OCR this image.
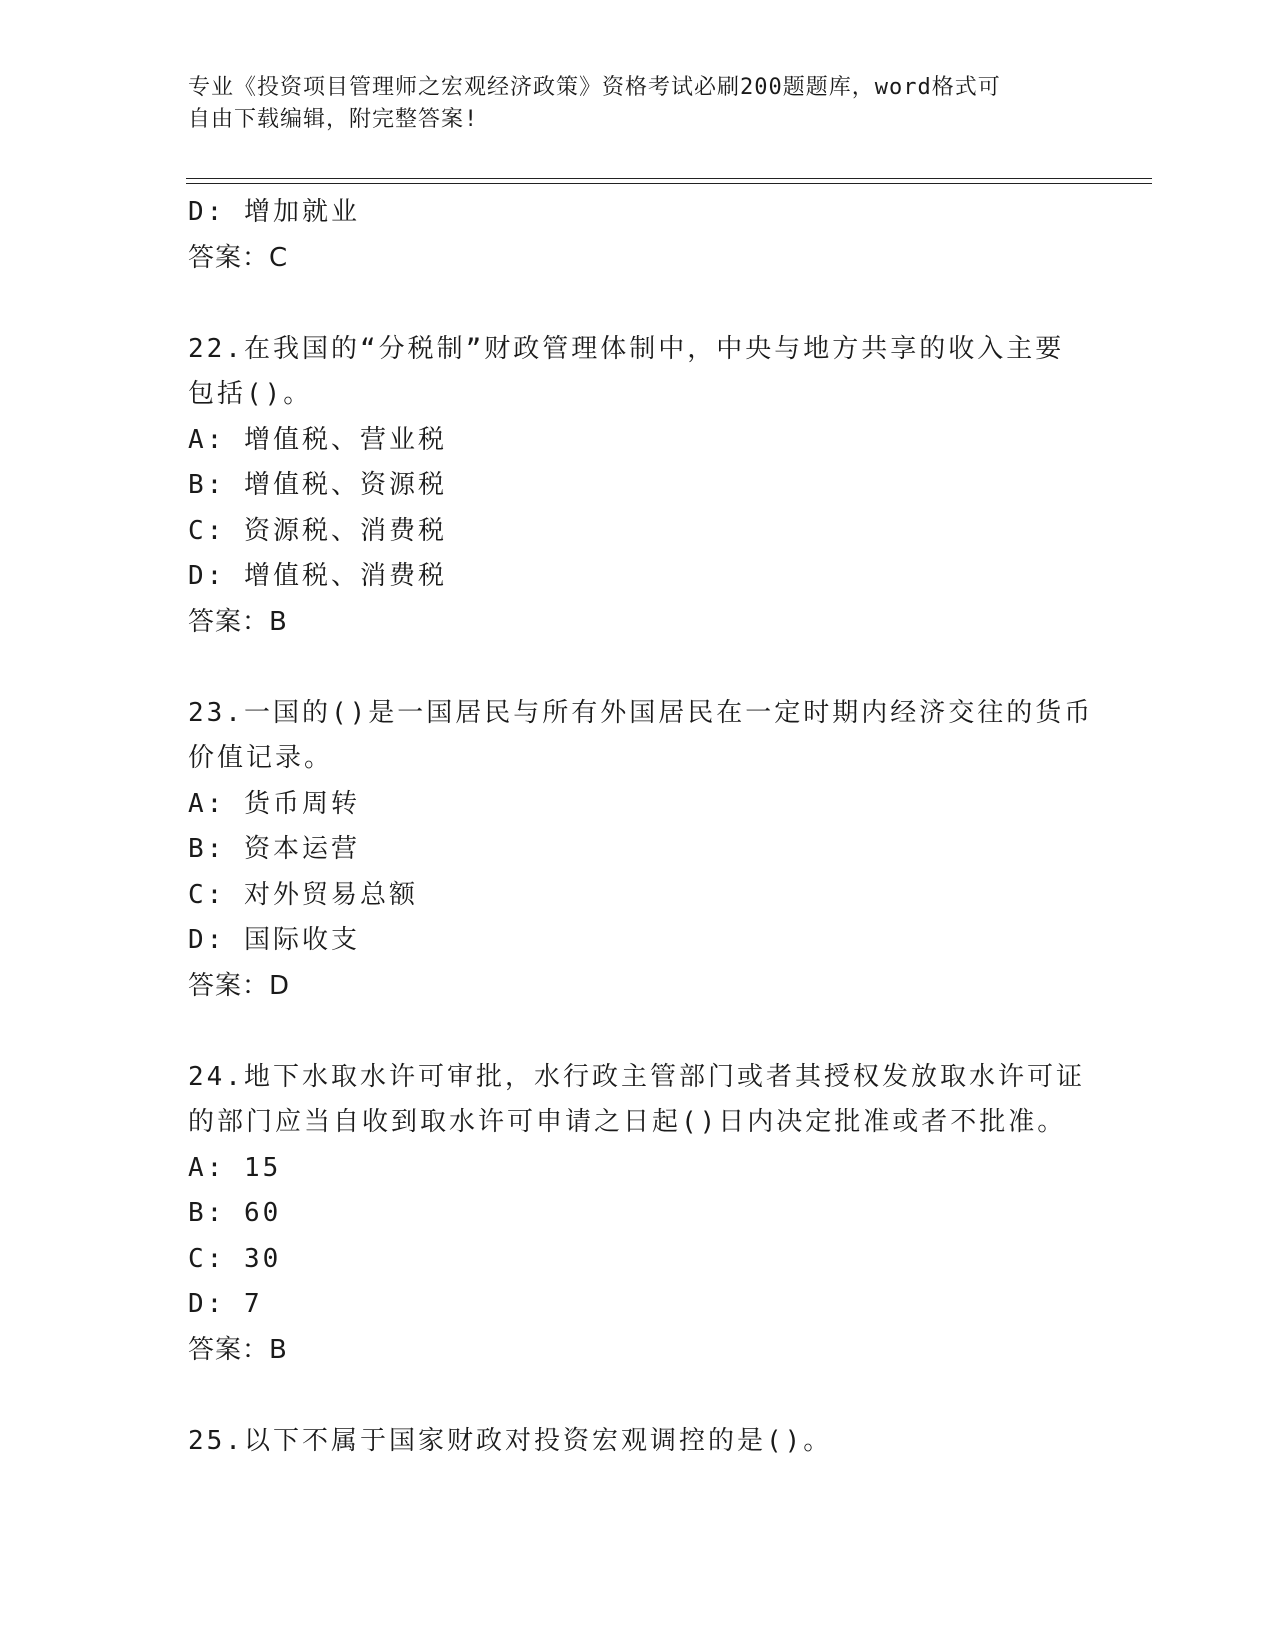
专业《投资项目管理师之宏观经济政策》资格考试必刷200题题库，word格式可
自由下载编辑，附完整答案!
D: 增加就业
答案：C
22.在我国的“分税制”财政管理体制中，中央与地方共享的收入主要
包括()。
A: 增值税、营业税
B: 增值税、资源税
C: 资源税、消费税
D: 增值税、消费税
答案：B
23.一国的()是一国居民与所有外国居民在一定时期内经济交往的货币
价值记录。
A: 货币周转
B: 资本运营
C: 对外贸易总额
D: 国际收支
答案：D
24.地下水取水许可审批，水行政主管部门或者其授权发放取水许可证
的部门应当自收到取水许可申请之日起()日内决定批准或者不批准。
A: 15
B: 60
C: 30
D: 7
答案：B
25.以下不属于国家财政对投资宏观调控的是()。
